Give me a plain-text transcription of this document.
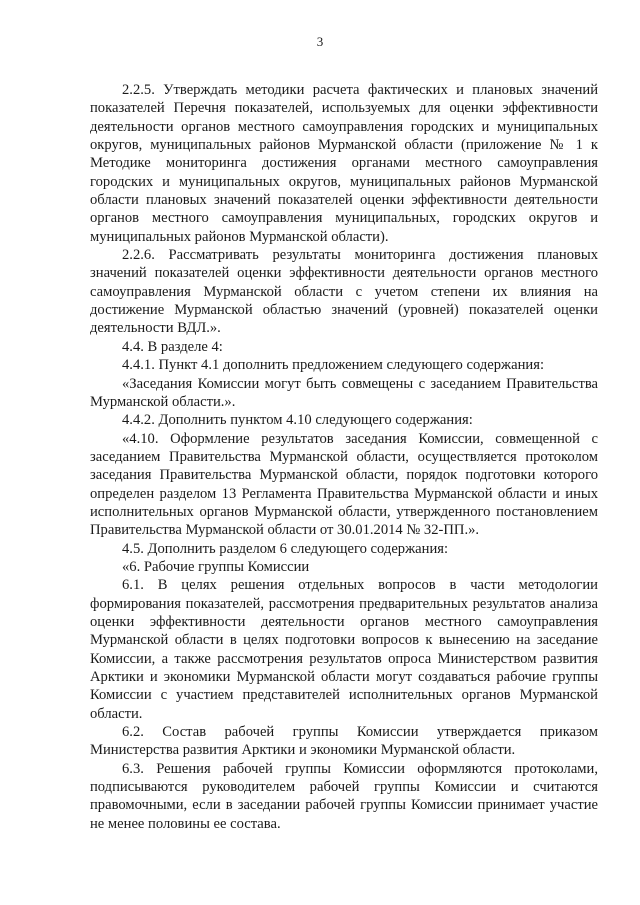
3

2.2.5. Утверждать методики расчета фактических и плановых значений показателей Перечня показателей, используемых для оценки эффективности деятельности органов местного самоуправления городских и муниципальных округов, муниципальных районов Мурманской области (приложение № 1 к Методике мониторинга достижения органами местного самоуправления городских и муниципальных округов, муниципальных районов Мурманской области плановых значений показателей оценки эффективности деятельности органов местного самоуправления муниципальных, городских округов и муниципальных районов Мурманской области).

2.2.6. Рассматривать результаты мониторинга достижения плановых значений показателей оценки эффективности деятельности органов местного самоуправления Мурманской области с учетом степени их влияния на достижение Мурманской областью значений (уровней) показателей оценки деятельности ВДЛ.».

4.4. В разделе 4:

4.4.1. Пункт 4.1 дополнить предложением следующего содержания:

«Заседания Комиссии могут быть совмещены с заседанием Правительства Мурманской области.».

4.4.2. Дополнить пунктом 4.10 следующего содержания:

«4.10. Оформление результатов заседания Комиссии, совмещенной с заседанием Правительства Мурманской области, осуществляется протоколом заседания Правительства Мурманской области, порядок подготовки которого определен разделом 13 Регламента Правительства Мурманской области и иных исполнительных органов Мурманской области, утвержденного постановлением Правительства Мурманской области от 30.01.2014 № 32-ПП.».

4.5. Дополнить разделом 6 следующего содержания:

«6. Рабочие группы Комиссии

6.1. В целях решения отдельных вопросов в части методологии формирования показателей, рассмотрения предварительных результатов анализа оценки эффективности деятельности органов местного самоуправления Мурманской области в целях подготовки вопросов к вынесению на заседание Комиссии, а также рассмотрения результатов опроса Министерством развития Арктики и экономики Мурманской области могут создаваться рабочие группы Комиссии с участием представителей исполнительных органов Мурманской области.

6.2. Состав рабочей группы Комиссии утверждается приказом Министерства развития Арктики и экономики Мурманской области.

6.3. Решения рабочей группы Комиссии оформляются протоколами, подписываются руководителем рабочей группы Комиссии и считаются правомочными, если в заседании рабочей группы Комиссии принимает участие не менее половины ее состава.
